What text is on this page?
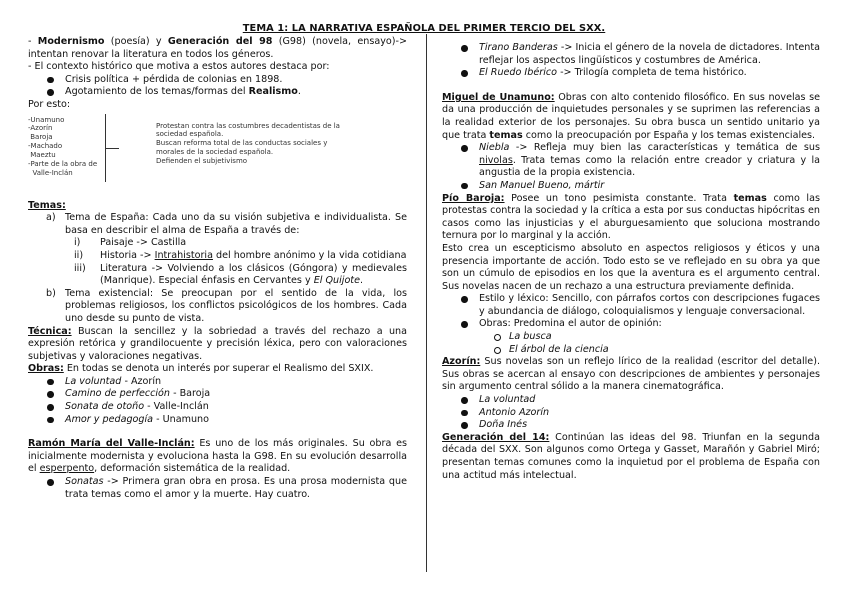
TEMA 1: LA NARRATIVA ESPAÑOLA DEL PRIMER TERCIO DEL SXX.

- Modernismo (poesía) y Generación del 98 (G98) (novela, ensayo)-> intentan renovar la literatura en todos los géneros.

- El contexto histórico que motiva a estos autores destaca por:

Crisis política + pérdida de colonias en 1898.
Agotamiento de los temas/formas del Realismo.

Por esto:

-Unamuno
-Azorín
Baroja
-Machado
Maeztu
-Parte de la obra de
Valle-Inclán
Protestan contra las costumbres decadentistas de la
sociedad española.
Buscan reforma total de las conductas sociales y
morales de la sociedad española.
Defienden el subjetivismo

Temas:

a) Tema de España: Cada uno da su visión subjetiva e individualista. Se basa en describir el alma de España a través de:
i) Paisaje -> Castilla
ii) Historia -> Intrahistoria del hombre anónimo y la vida cotidiana
iii) Literatura -> Volviendo a los clásicos (Góngora) y medievales (Manrique). Especial énfasis en Cervantes y El Quijote.
b) Tema existencial: Se preocupan por el sentido de la vida, los problemas religiosos, los conflictos psicológicos de los hombres. Cada uno desde su punto de vista.

Técnica: Buscan la sencillez y la sobriedad a través del rechazo a una expresión retórica y grandilocuente y precisión léxica, pero con valoraciones subjetivas y valoraciones negativas.

Obras: En todas se denota un interés por superar el Realismo del SXIX.

La voluntad - Azorín
Camino de perfección - Baroja
Sonata de otoño - Valle-Inclán
Amor y pedagogía - Unamuno

Ramón María del Valle-Inclán: Es uno de los más originales. Su obra es inicialmente modernista y evoluciona hasta la G98. En su evolución desarrolla el esperpento, deformación sistemática de la realidad.

Sonatas -> Primera gran obra en prosa. Es una prosa modernista que trata temas como el amor y la muerte. Hay cuatro.
Tirano Banderas -> Inicia el género de la novela de dictadores. Intenta reflejar los aspectos lingüísticos y costumbres de América.
El Ruedo Ibérico -> Trilogía completa de tema histórico.

Miguel de Unamuno: Obras con alto contenido filosófico. En sus novelas se da una producción de inquietudes personales y se suprimen las referencias a la realidad exterior de los personajes. Su obra busca un sentido unitario ya que trata temas como la preocupación por España y los temas existenciales.

Niebla -> Refleja muy bien las características y temática de sus nivolas. Trata temas como la relación entre creador y criatura y la angustia de la propia existencia.
San Manuel Bueno, mártir

Pío Baroja: Posee un tono pesimista constante. Trata temas como las protestas contra la sociedad y la crítica a esta por sus conductas hipócritas en casos como las injusticias y el aburguesamiento que soluciona mostrando ternura por lo marginal y la acción.

Esto crea un escepticismo absoluto en aspectos religiosos y éticos y una presencia importante de acción. Todo esto se ve reflejado en su obra ya que son un cúmulo de episodios en los que la aventura es el argumento central. Sus novelas nacen de un rechazo a una estructura previamente definida.

Estilo y léxico: Sencillo, con párrafos cortos con descripciones fugaces y abundancia de diálogo, coloquialismos y lenguaje conversacional.
Obras: Predomina el autor de opinión:
La busca
El árbol de la ciencia

Azorín: Sus novelas son un reflejo lírico de la realidad (escritor del detalle). Sus obras se acercan al ensayo con descripciones de ambientes y personajes sin argumento central sólido a la manera cinematográfica.

La voluntad
Antonio Azorín
Doña Inés

Generación del 14: Continúan las ideas del 98. Triunfan en la segunda década del SXX. Son algunos como Ortega y Gasset, Marañón y Gabriel Miró; presentan temas comunes como la inquietud por el problema de España con una actitud más intelectual.
